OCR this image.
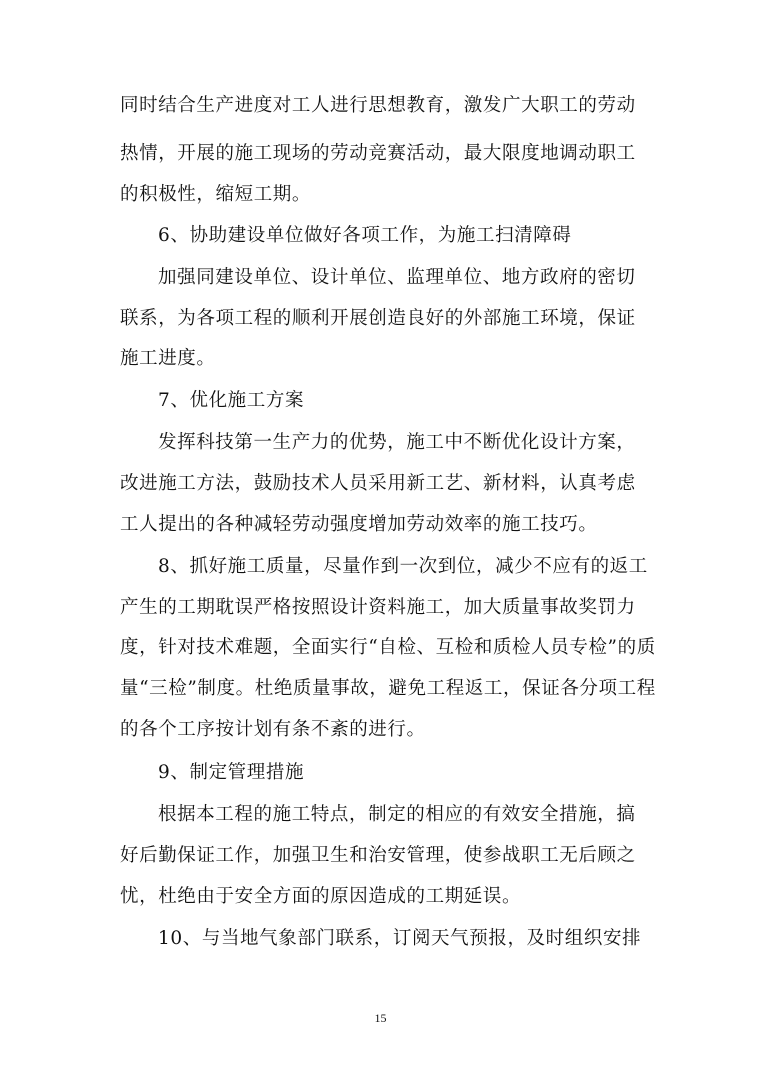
同时结合生产进度对工人进行思想教育，激发广大职工的劳动
热情，开展的施工现场的劳动竞赛活动，最大限度地调动职工
的积极性，缩短工期。
6、协助建设单位做好各项工作，为施工扫清障碍
加强同建设单位、设计单位、监理单位、地方政府的密切
联系，为各项工程的顺利开展创造良好的外部施工环境，保证
施工进度。
7、优化施工方案
发挥科技第一生产力的优势，施工中不断优化设计方案，
改进施工方法，鼓励技术人员采用新工艺、新材料，认真考虑
工人提出的各种减轻劳动强度增加劳动效率的施工技巧。
8、抓好施工质量，尽量作到一次到位，减少不应有的返工
产生的工期耽误严格按照设计资料施工，加大质量事故奖罚力
度，针对技术难题，全面实行“自检、互检和质检人员专检”的质
量“三检”制度。杜绝质量事故，避免工程返工，保证各分项工程
的各个工序按计划有条不紊的进行。
9、制定管理措施
根据本工程的施工特点，制定的相应的有效安全措施，搞
好后勤保证工作，加强卫生和治安管理，使参战职工无后顾之
忧，杜绝由于安全方面的原因造成的工期延误。
10、与当地气象部门联系，订阅天气预报，及时组织安排
15
